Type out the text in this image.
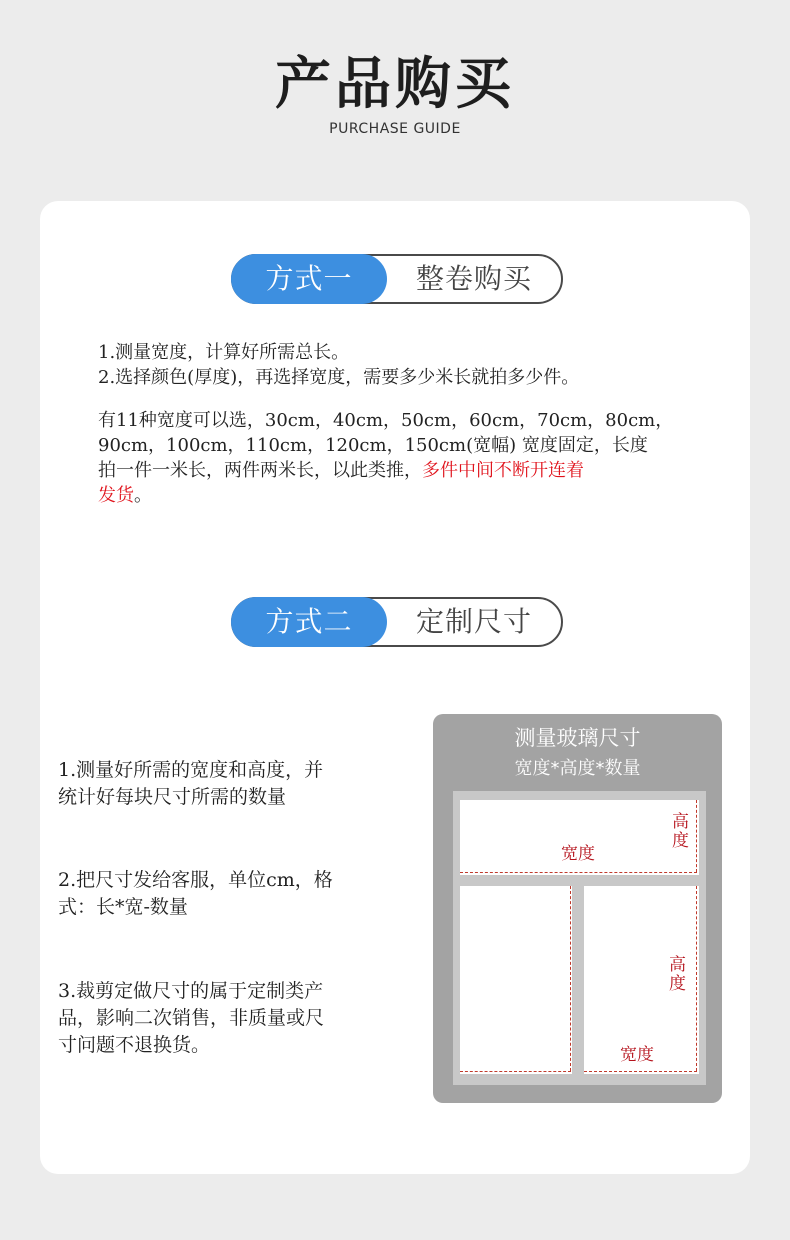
产品购买
PURCHASE GUIDE
方式一	整卷购买
1.测量宽度，计算好所需总长。
2.选择颜色(厚度)，再选择宽度，需要多少米长就拍多少件。
有11种宽度可以选，30cm，40cm，50cm，60cm，70cm，80cm，
90cm，100cm，110cm，120cm，150cm(宽幅) 宽度固定，长度
拍一件一米长，两件两米长，以此类推，多件中间不断开连着
发货。
方式二	定制尺寸
1.测量好所需的宽度和高度，并
统计好每块尺寸所需的数量
2.把尺寸发给客服，单位cm，格
式：长*宽-数量
3.裁剪定做尺寸的属于定制类产
品，影响二次销售，非质量或尺
寸问题不退换货。
测量玻璃尺寸
宽度*高度*数量
高
度
宽度
高
度
宽度
